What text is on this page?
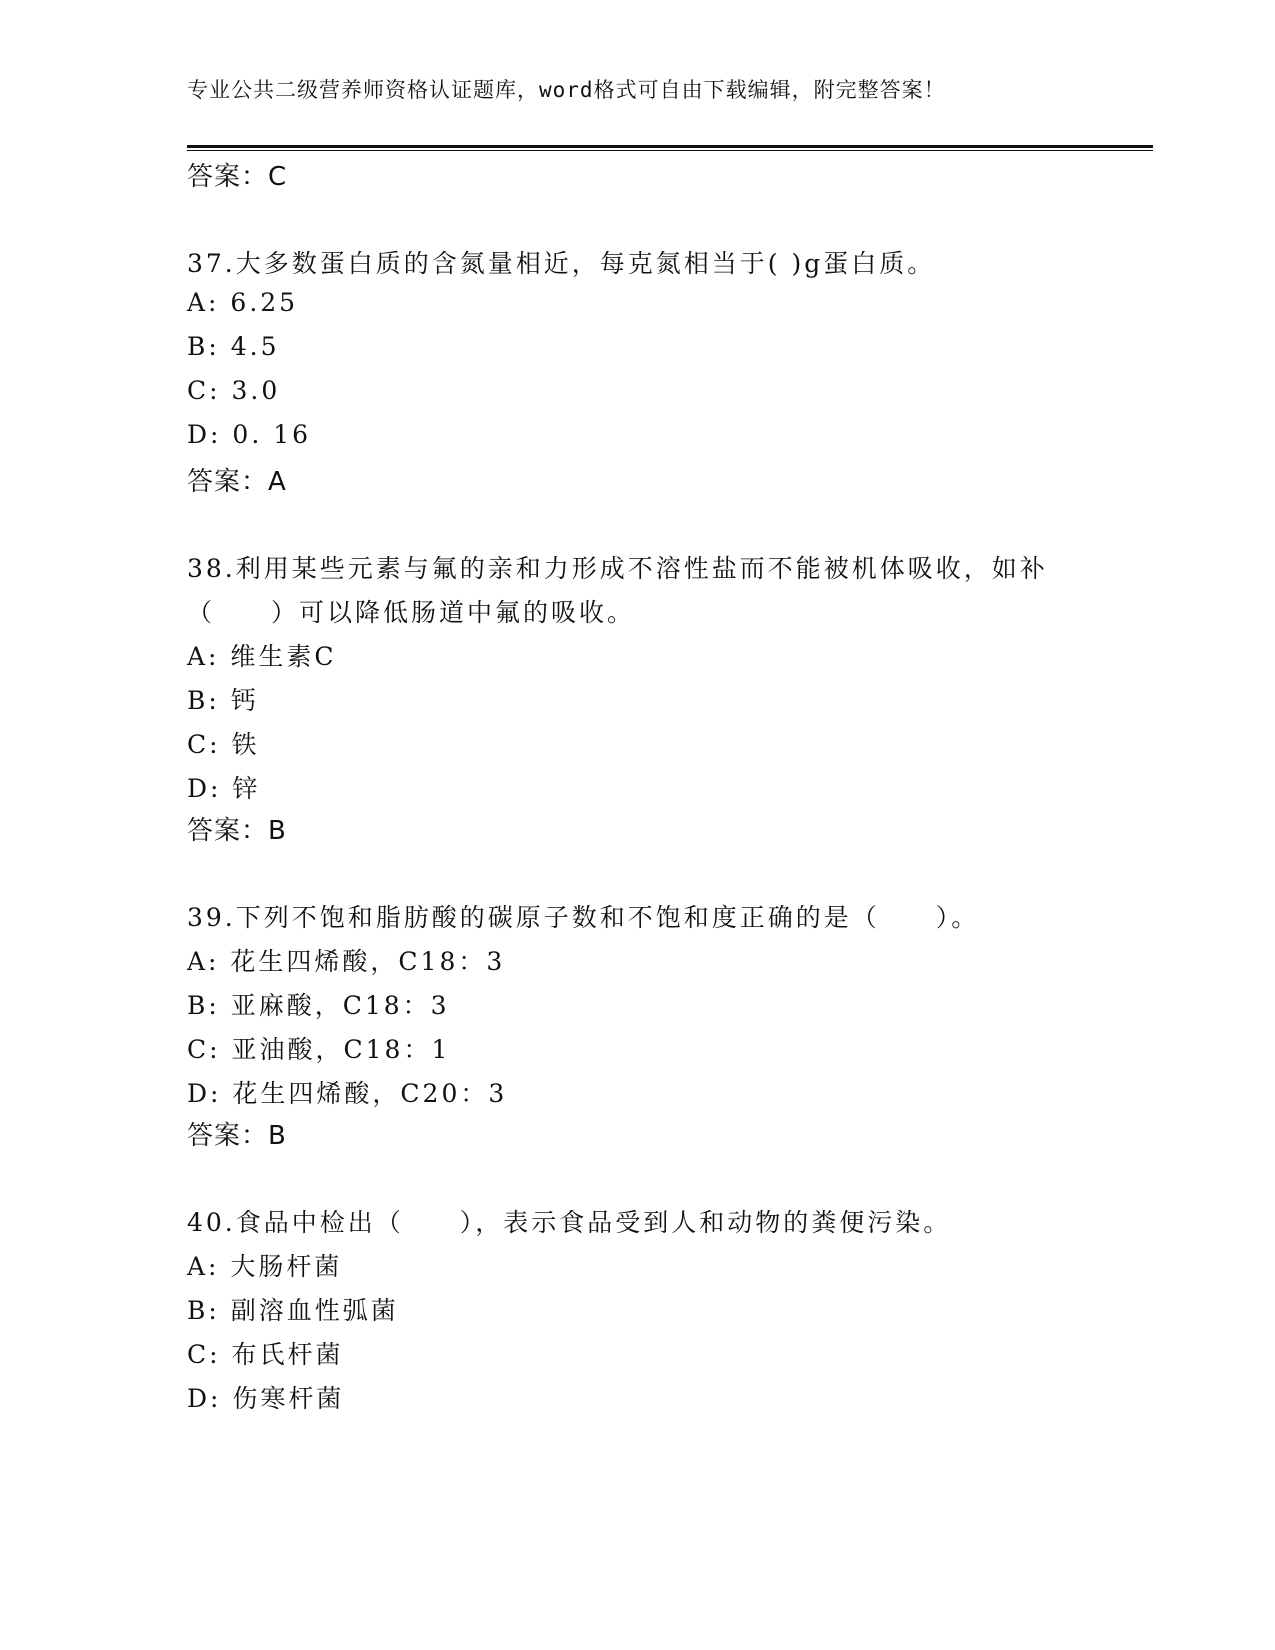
专业公共二级营养师资格认证题库，word格式可自由下载编辑，附完整答案！
答案：C
37.大多数蛋白质的含氮量相近，每克氮相当于( )g蛋白质。
A: 6.25
B: 4.5
C: 3.0
D: 0. 16
答案：A
38.利用某些元素与氟的亲和力形成不溶性盐而不能被机体吸收，如补
（　　）可以降低肠道中氟的吸收。
A: 维生素C
B: 钙
C: 铁
D: 锌
答案：B
39.下列不饱和脂肪酸的碳原子数和不饱和度正确的是（　　）。
A: 花生四烯酸，C18：3
B: 亚麻酸，C18：3
C: 亚油酸，C18：1
D: 花生四烯酸，C20：3
答案：B
40.食品中检出（　　），表示食品受到人和动物的粪便污染。
A: 大肠杆菌
B: 副溶血性弧菌
C: 布氏杆菌
D: 伤寒杆菌
